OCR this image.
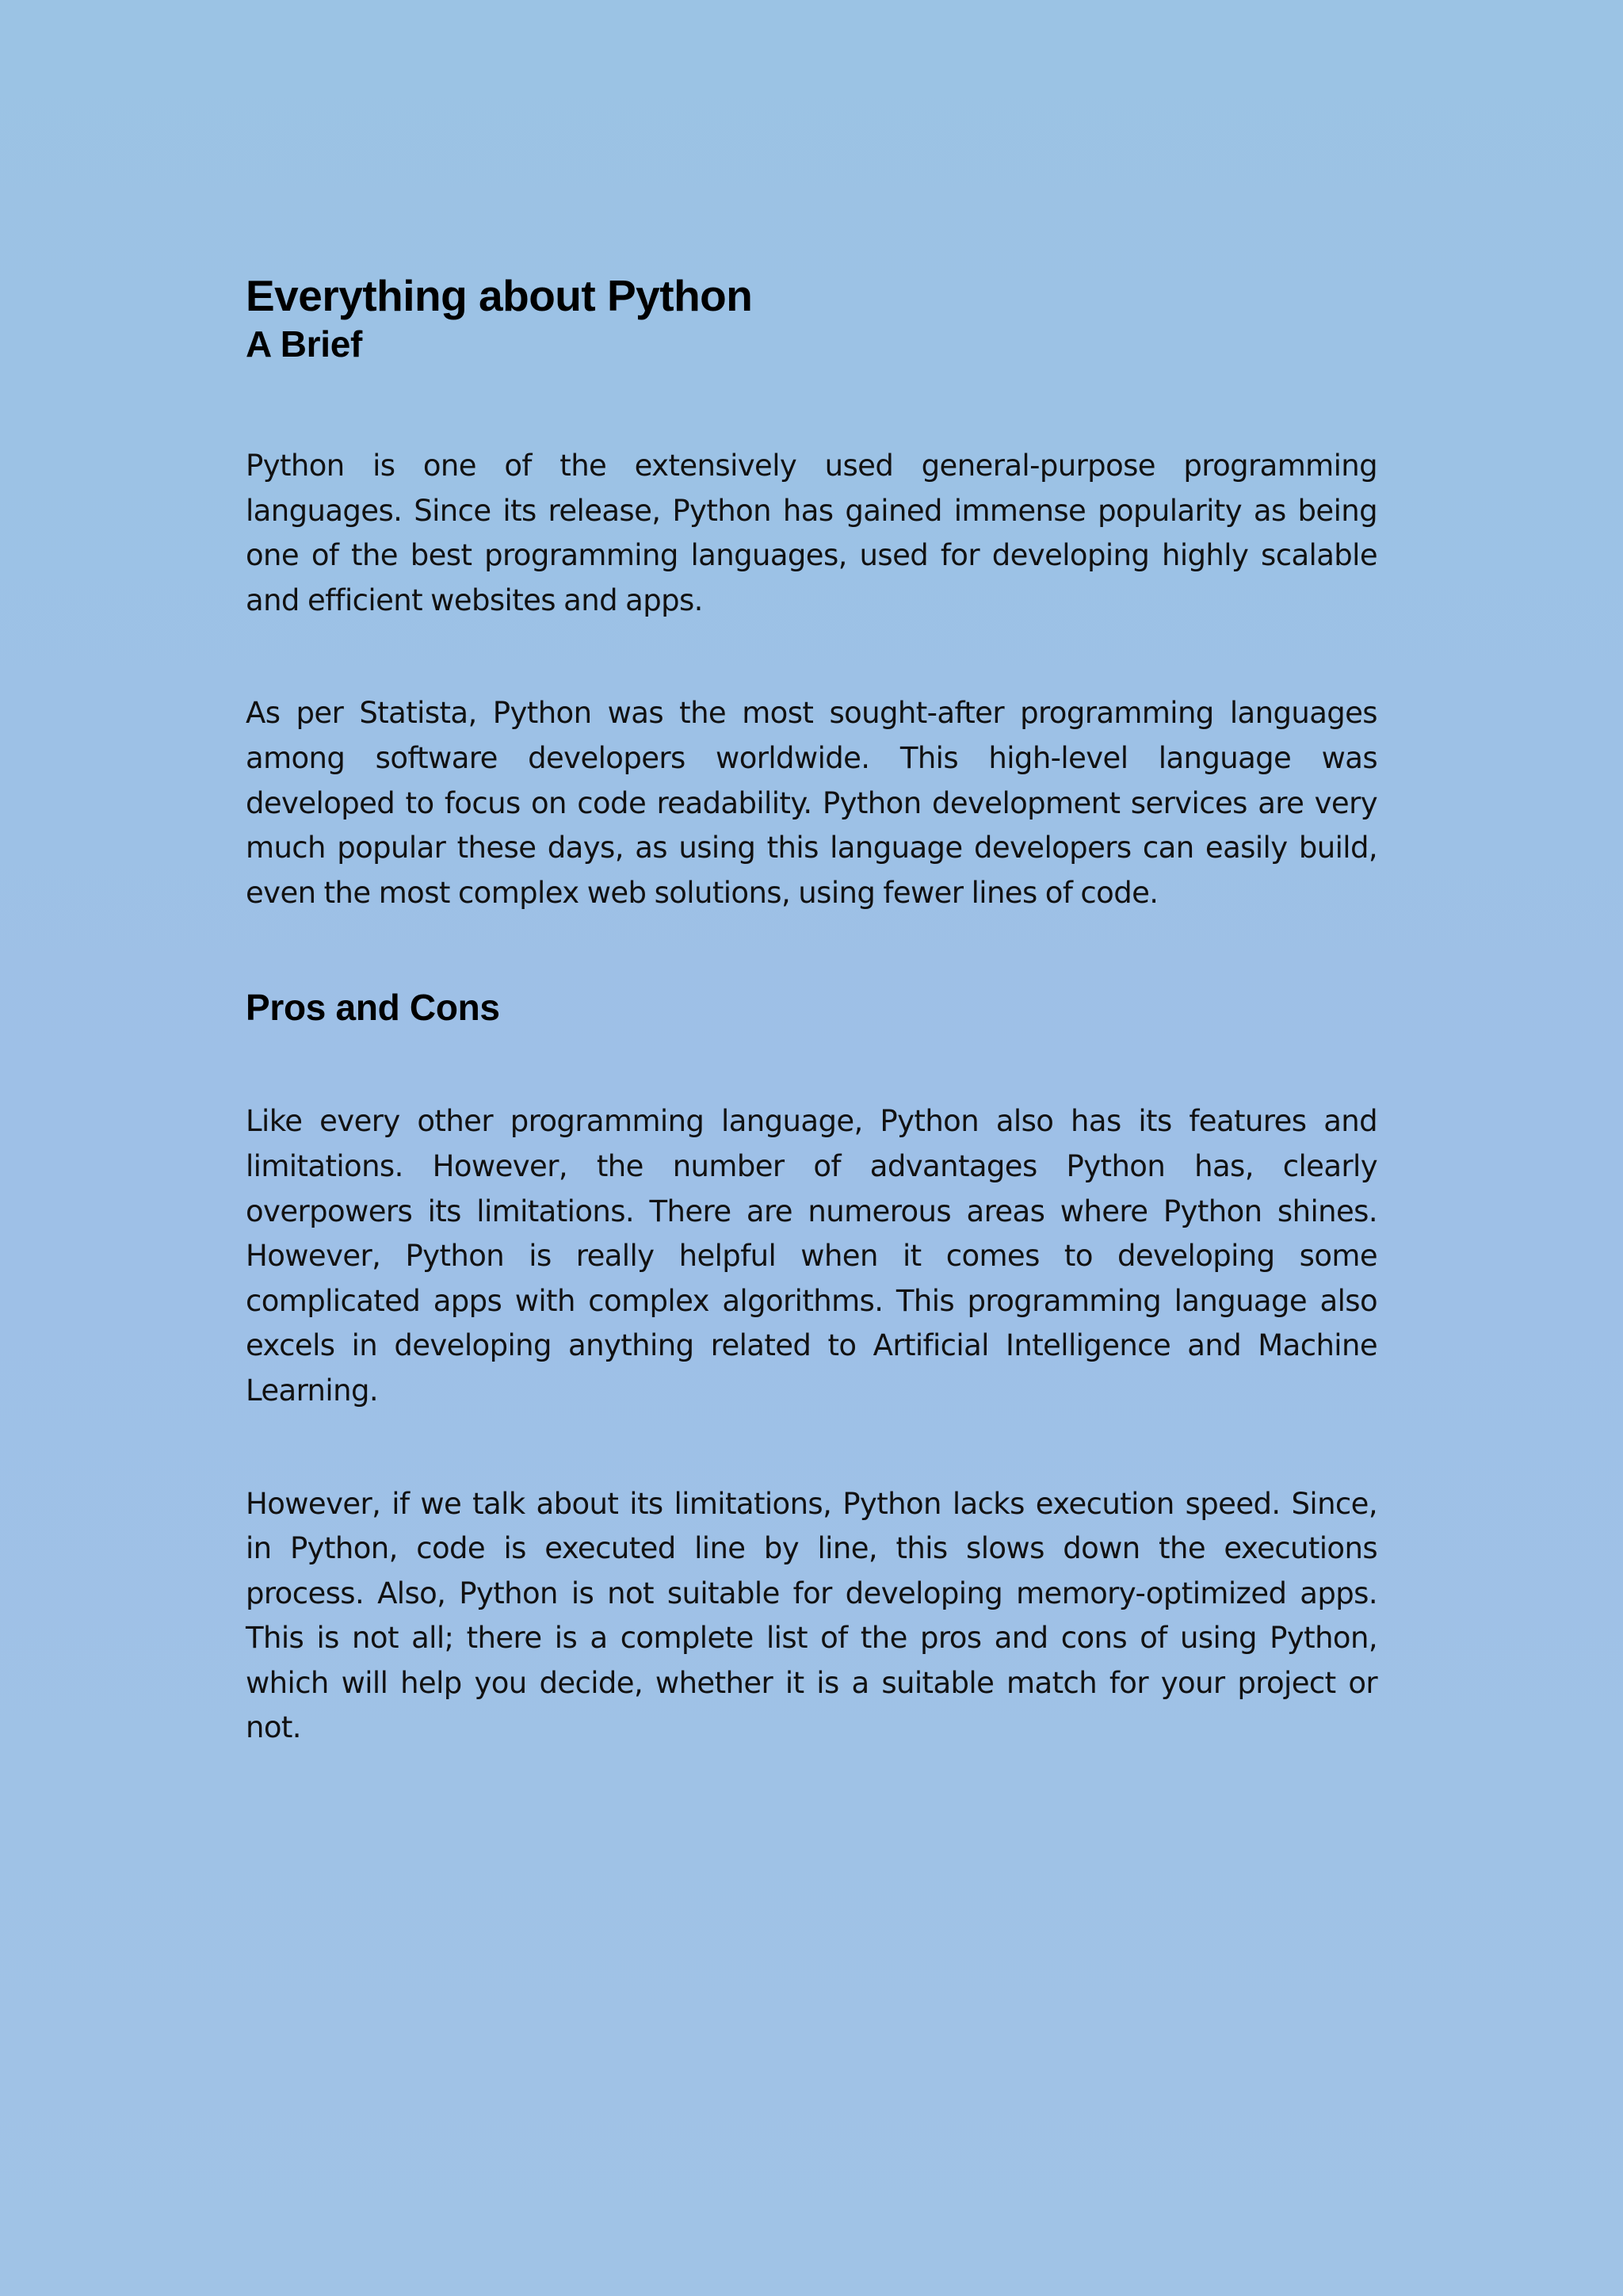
Everything about Python
A Brief

Python is one of the extensively used general-purpose programming languages. Since its release, Python has gained immense popularity as being one of the best programming languages, used for developing highly scalable and efficient websites and apps.

As per Statista, Python was the most sought-after programming languages among software developers worldwide. This high-level language was developed to focus on code readability. Python development services are very much popular these days, as using this language developers can easily build, even the most complex web solutions, using fewer lines of code.

Pros and Cons

Like every other programming language, Python also has its features and limitations. However, the number of advantages Python has, clearly overpowers its limitations. There are numerous areas where Python shines. However, Python is really helpful when it comes to developing some complicated apps with complex algorithms. This programming language also excels in developing anything related to Artificial Intelligence and Machine Learning.

However, if we talk about its limitations, Python lacks execution speed. Since, in Python, code is executed line by line, this slows down the executions process. Also, Python is not suitable for developing memory-optimized apps. This is not all; there is a complete list of the pros and cons of using Python, which will help you decide, whether it is a suitable match for your project or not.
